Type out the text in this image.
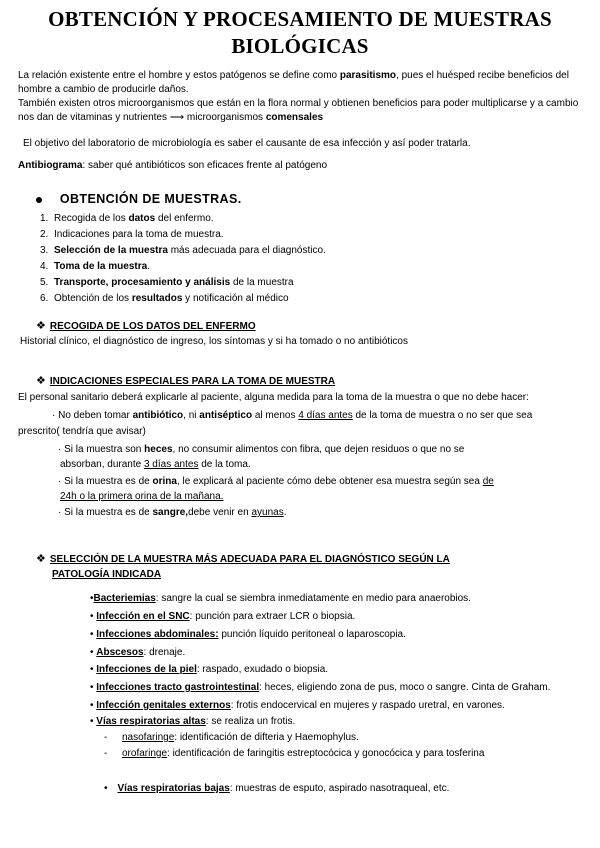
OBTENCIÓN Y PROCESAMIENTO DE MUESTRAS
BIOLÓGICAS
La relación existente entre el hombre y estos patógenos se define como parasitismo, pues el huésped recibe beneficios del hombre a cambio de producirle daños.
También existen otros microorganismos que están en la flora normal y obtienen beneficios para poder multiplicarse y a cambio nos dan de vitaminas y nutrientes ⟶ microorganismos comensales
El objetivo del laboratorio de microbiología es saber el causante de esa infección y así poder tratarla.
Antibiograma: saber qué antibióticos son eficaces frente al patógeno
OBTENCIÓN DE MUESTRAS.
1. Recogida de los datos del enfermo.
2. Indicaciones para la toma de muestra.
3. Selección de la muestra más adecuada para el diagnóstico.
4. Toma de la muestra.
5. Transporte, procesamiento y análisis de la muestra
6. Obtención de los resultados y notificación al médico
❖ RECOGIDA DE LOS DATOS DEL ENFERMO
Historial clínico, el diagnóstico de ingreso, los síntomas y si ha tomado o no antibióticos
❖ INDICACIONES ESPECIALES PARA LA TOMA DE MUESTRA
El personal sanitario deberá explicarle al paciente, alguna medida para la toma de la muestra o que no debe hacer:
· No deben tomar antibiótico, ni antiséptico al menos 4 días antes de la toma de muestra o no ser que sea
prescrito( tendría que avisar)
· Si la muestra son heces, no consumir alimentos con fibra, que dejen residuos o que no se
absorban, durante 3 días antes de la toma.
· Si la muestra es de orina, le explicará al paciente cómo debe obtener esa muestra según sea de
24h o la primera orina de la mañana.
· Si la muestra es de sangre,debe venir en ayunas.
❖ SELECCIÓN DE LA MUESTRA MÁS ADECUADA PARA EL DIAGNÓSTICO SEGÚN LA
PATOLOGÍA INDICADA
•Bacteriemias: sangre la cual se siembra inmediatamente en medio para anaerobios.
• Infección en el SNC: punción para extraer LCR o biopsia.
• Infecciones abdominales: punción líquido peritoneal o laparoscopia.
• Abscesos: drenaje.
• Infecciones de la piel: raspado, exudado o biopsia.
• Infecciones tracto gastrointestinal: heces, eligiendo zona de pus, moco o sangre. Cinta de Graham.
• Infección genitales externos: frotis endocervical en mujeres y raspado uretral, en varones.
• Vías respiratorias altas: se realiza un frotis.
- nasofaringe: identificación de difteria y Haemophylus.
- orofaringe: identificación de faringitis estreptocócica y gonocócica y para tosferina
• Vías respiratorias bajas: muestras de esputo, aspirado nasotraqueal, etc.
